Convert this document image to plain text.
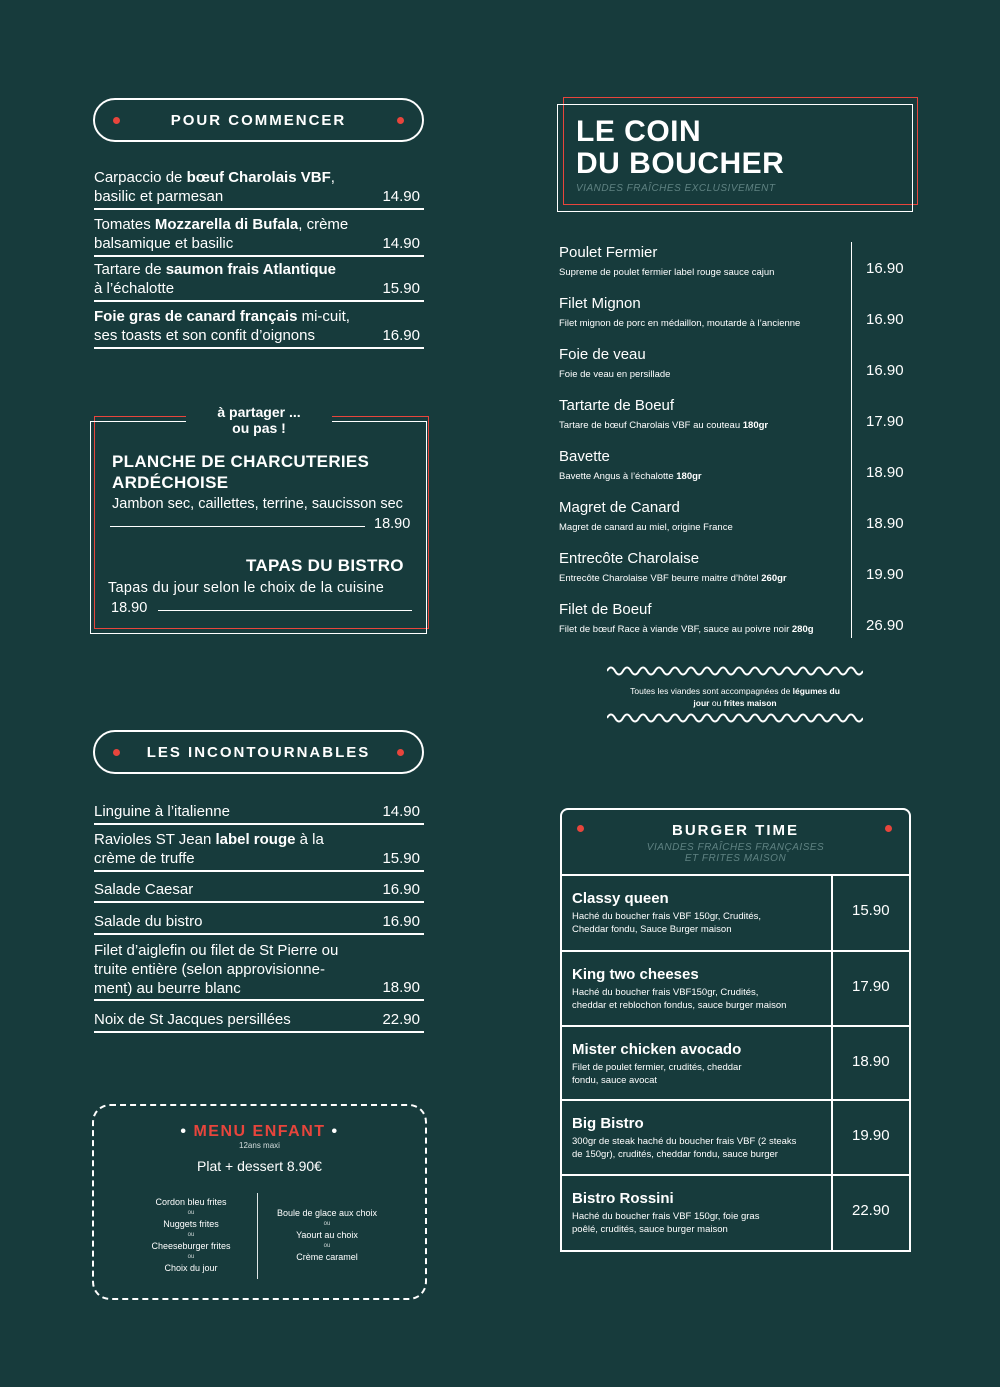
POUR COMMENCER
Carpaccio de bœuf Charolais VBF,
basilic et parmesan	14.90
Tomates Mozzarella di Bufala, crème
balsamique et basilic	14.90
Tartare de saumon frais Atlantique
à l’échalotte	15.90
Foie gras de canard français mi-cuit,
ses toasts et son confit d’oignons	16.90
à partager ...
ou pas !
PLANCHE DE CHARCUTERIES
ARDÉCHOISE
Jambon sec, caillettes, terrine, saucisson sec
18.90
TAPAS DU BISTRO
Tapas du jour selon le choix de la cuisine
18.90
LES INCONTOURNABLES
Linguine à l’italienne	14.90
Ravioles ST Jean label rouge à la
crème de truffe	15.90
Salade Caesar	16.90
Salade du bistro	16.90
Filet d’aiglefin ou filet de St Pierre ou
truite entière (selon approvisionne-
ment) au beurre blanc	18.90
Noix de St Jacques persillées	22.90
• MENU ENFANT •
12ans maxi
Plat + dessert 8.90€
Cordon bleu frites
ou
Nuggets frites
ou
Cheeseburger frites
ou
Choix du jour
Boule de glace aux choix
ou
Yaourt au choix
ou
Crème caramel
LE COIN
DU BOUCHER
VIANDES FRAÎCHES EXCLUSIVEMENT
Toutes les viandes sont accompagnées de légumes du
jour ou frites maison
BURGER TIME
VIANDES FRAÎCHES FRANÇAISES
ET FRITES MAISON
Poulet Fermier
Supreme de poulet fermier label rouge sauce cajun	16.90
Filet Mignon
Filet mignon de porc en médaillon, moutarde à l’ancienne	16.90
Foie de veau
Foie de veau en persillade	16.90
Tartarte de Boeuf
Tartare de bœuf Charolais VBF au couteau 180gr	17.90
Bavette
Bavette Angus à l’échalotte 180gr	18.90
Magret de Canard
Magret de canard au miel, origine France	18.90
Entrecôte Charolaise
Entrecôte Charolaise VBF beurre maitre d’hôtel 260gr	19.90
Filet de Boeuf
Filet de bœuf Race à viande VBF, sauce au poivre noir 280g	26.90
Classy queen
Haché du boucher frais VBF 150gr, Crudités,
Cheddar fondu, Sauce Burger maison
15.90
King two cheeses
Haché du boucher frais VBF150gr, Crudités,
cheddar et reblochon fondus, sauce burger maison
17.90
Mister chicken avocado
Filet de poulet fermier, crudités, cheddar
fondu, sauce avocat
18.90
Big Bistro
300gr de steak haché du boucher frais VBF (2 steaks
de 150gr), crudités, cheddar fondu, sauce burger
19.90
Bistro Rossini
Haché du boucher frais VBF 150gr, foie gras
poêlé, crudités, sauce burger maison
22.90
